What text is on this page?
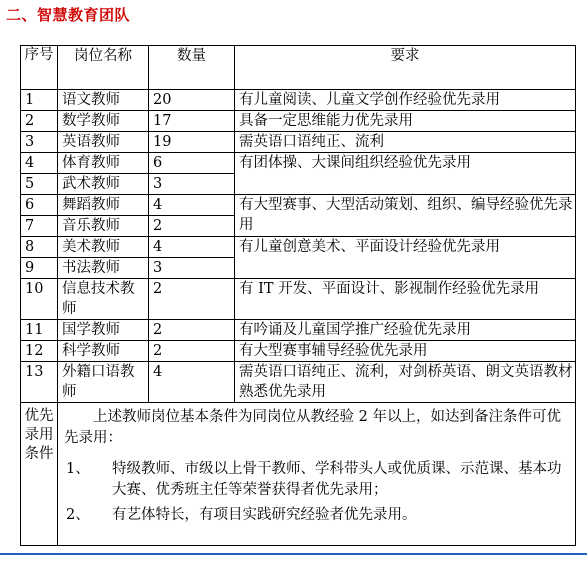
二、智慧教育团队
序号	岗位名称	数量	要求
1	语文教师	20	有儿童阅读、儿童文学创作经验优先录用
2	数学教师	17	具备一定思维能力优先录用
3	英语教师	19	需英语口语纯正、流利
4	体育教师	6	有团体操、大课间组织经验优先录用
5	武术教师	3	
6	舞蹈教师	4	有大型赛事、大型活动策划、组织、编导经验优先录用
7	音乐教师	2	
8	美术教师	4	有儿童创意美术、平面设计经验优先录用
9	书法教师	3	
10	信息技术教师	2	有 IT 开发、平面设计、影视制作经验优先录用
11	国学教师	2	有吟诵及儿童国学推广经验优先录用
12	科学教师	2	有大型赛事辅导经验优先录用
13	外籍口语教师	4	需英语口语纯正、流利，对剑桥英语、朗文英语教材熟悉优先录用
优先录用条件	上述教师岗位基本条件为同岗位从教经验 2 年以上，如达到备注条件可优先录用：
1、 特级教师、市级以上骨干教师、学科带头人或优质课、示范课、基本功大赛、优秀班主任等荣誉获得者优先录用；
2、 有艺体特长，有项目实践研究经验者优先录用。		
